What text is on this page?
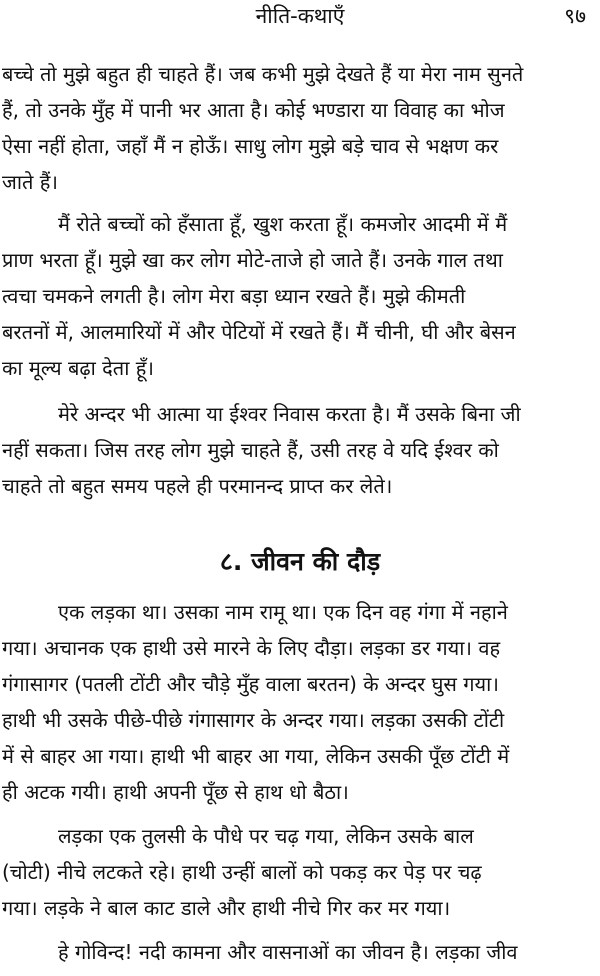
नीति-कथाएँ	९७
बच्चे तो मुझे बहुत ही चाहते हैं। जब कभी मुझे देखते हैं या मेरा नाम सुनते
हैं, तो उनके मुँह में पानी भर आता है। कोई भण्डारा या विवाह का भोज
ऐसा नहीं होता, जहाँ मैं न होऊँ। साधु लोग मुझे बड़े चाव से भक्षण कर
जाते हैं।
मैं रोते बच्चों को हँसाता हूँ, खुश करता हूँ। कमजोर आदमी में मैं
प्राण भरता हूँ। मुझे खा कर लोग मोटे-ताजे हो जाते हैं। उनके गाल तथा
त्वचा चमकने लगती है। लोग मेरा बड़ा ध्यान रखते हैं। मुझे कीमती
बरतनों में, आलमारियों में और पेटियों में रखते हैं। मैं चीनी, घी और बेसन
का मूल्य बढ़ा देता हूँ।
मेरे अन्दर भी आत्मा या ईश्वर निवास करता है। मैं उसके बिना जी
नहीं सकता। जिस तरह लोग मुझे चाहते हैं, उसी तरह वे यदि ईश्वर को
चाहते तो बहुत समय पहले ही परमानन्द प्राप्त कर लेते।
८. जीवन की दौड़
एक लड़का था। उसका नाम रामू था। एक दिन वह गंगा में नहाने
गया। अचानक एक हाथी उसे मारने के लिए दौड़ा। लड़का डर गया। वह
गंगासागर (पतली टोंटी और चौड़े मुँह वाला बरतन) के अन्दर घुस गया।
हाथी भी उसके पीछे-पीछे गंगासागर के अन्दर गया। लड़का उसकी टोंटी
में से बाहर आ गया। हाथी भी बाहर आ गया, लेकिन उसकी पूँछ टोंटी में
ही अटक गयी। हाथी अपनी पूँछ से हाथ धो बैठा।
लड़का एक तुलसी के पौधे पर चढ़ गया, लेकिन उसके बाल
(चोटी) नीचे लटकते रहे। हाथी उन्हीं बालों को पकड़ कर पेड़ पर चढ़
गया। लड़के ने बाल काट डाले और हाथी नीचे गिर कर मर गया।
हे गोविन्द! नदी कामना और वासनाओं का जीवन है। लड़का जीव
